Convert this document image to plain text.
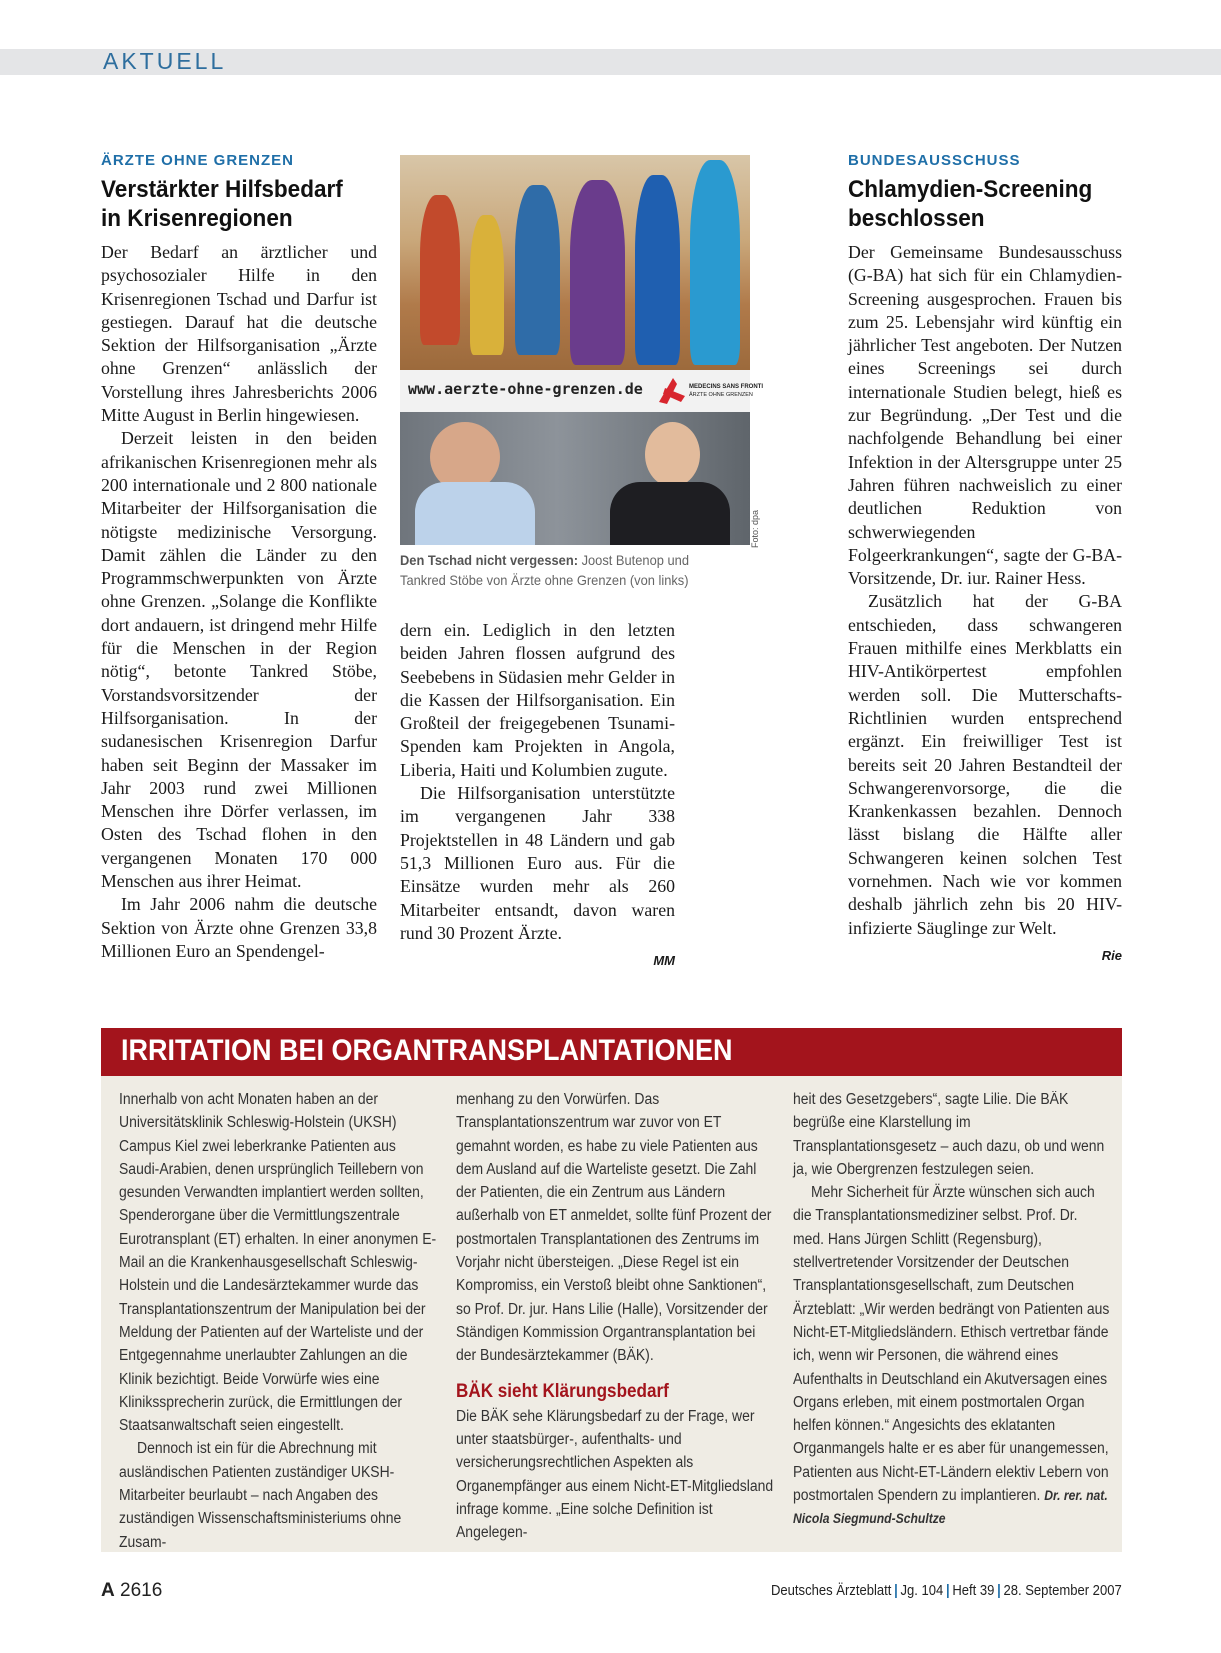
AKTUELL
ÄRZTE OHNE GRENZEN
Verstärkter Hilfsbedarf
in Krisenregionen

Der Bedarf an ärztlicher und psychosozialer Hilfe in den Krisenregionen Tschad und Darfur ist gestiegen. Darauf hat die deutsche Sektion der Hilfsorganisation „Ärzte ohne Grenzen“ anlässlich der Vorstellung ihres Jahresberichts 2006 Mitte August in Berlin hingewiesen.

Derzeit leisten in den beiden afrikanischen Krisenregionen mehr als 200 internationale und 2 800 nationale Mitarbeiter der Hilfsorganisation die nötigste medizinische Versorgung. Damit zählen die Länder zu den Programmschwerpunkten von Ärzte ohne Grenzen. „Solange die Konflikte dort andauern, ist dringend mehr Hilfe für die Menschen in der Region nötig“, betonte Tankred Stöbe, Vorstandsvorsitzender der Hilfsorganisation. In der sudanesischen Krisenregion Darfur haben seit Beginn der Massaker im Jahr 2003 rund zwei Millionen Menschen ihre Dörfer verlassen, im Osten des Tschad flohen in den vergangenen Monaten 170 000 Menschen aus ihrer Heimat.

Im Jahr 2006 nahm die deutsche Sektion von Ärzte ohne Grenzen 33,8 Millionen Euro an Spendengel-

www.aerzte-ohne-grenzen.de	MEDECINS SANS FRONTI
ÄRZTE OHNE GRENZEN
Foto: dpa
Den Tschad nicht vergessen: Joost Butenop und
Tankred Stöbe von Ärzte ohne Grenzen (von links)

dern ein. Lediglich in den letzten beiden Jahren flossen aufgrund des Seebebens in Südasien mehr Gelder in die Kassen der Hilfsorganisation. Ein Großteil der freigegebenen Tsunami-Spenden kam Projekten in Angola, Liberia, Haiti und Kolumbien zugute.

Die Hilfsorganisation unterstützte im vergangenen Jahr 338 Projektstellen in 48 Ländern und gab 51,3 Millionen Euro aus. Für die Einsätze wurden mehr als 260 Mitarbeiter entsandt, davon waren rund 30 Prozent Ärzte.

MM
BUNDESAUSSCHUSS
Chlamydien-Screening
beschlossen

Der Gemeinsame Bundesausschuss (G-BA) hat sich für ein Chlamydien-Screening ausgesprochen. Frauen bis zum 25. Lebensjahr wird künftig ein jährlicher Test angeboten. Der Nutzen eines Screenings sei durch internationale Studien belegt, hieß es zur Begründung. „Der Test und die nachfolgende Behandlung bei einer Infektion in der Altersgruppe unter 25 Jahren führen nachweislich zu einer deutlichen Reduktion von schwerwiegenden Folgeerkrankungen“, sagte der G-BA-Vorsitzende, Dr. iur. Rainer Hess.

Zusätzlich hat der G-BA entschieden, dass schwangeren Frauen mithilfe eines Merkblatts ein HIV-Antikörpertest empfohlen werden soll. Die Mutterschafts-Richtlinien wurden entsprechend ergänzt. Ein freiwilliger Test ist bereits seit 20 Jahren Bestandteil der Schwangerenvorsorge, die die Krankenkassen bezahlen. Dennoch lässt bislang die Hälfte aller Schwangeren keinen solchen Test vornehmen. Nach wie vor kommen deshalb jährlich zehn bis 20 HIV-infizierte Säuglinge zur Welt.

Rie
IRRITATION BEI ORGANTRANSPLANTATIONEN

Innerhalb von acht Monaten haben an der Universitätsklinik Schleswig-Holstein (UKSH) Campus Kiel zwei leberkranke Patienten aus Saudi-Arabien, denen ursprünglich Teillebern von gesunden Verwandten implantiert werden sollten, Spenderorgane über die Vermittlungszentrale Eurotransplant (ET) erhalten. In einer anonymen E-Mail an die Krankenhausgesellschaft Schleswig-Holstein und die Landesärztekammer wurde das Transplantationszentrum der Manipulation bei der Meldung der Patienten auf der Warteliste und der Entgegennahme unerlaubter Zahlungen an die Klinik bezichtigt. Beide Vorwürfe wies eine Klinikssprecherin zurück, die Ermittlungen der Staatsanwaltschaft seien eingestellt.

Dennoch ist ein für die Abrechnung mit ausländischen Patienten zuständiger UKSH-Mitarbeiter beurlaubt – nach Angaben des zuständigen Wissenschaftsministeriums ohne Zusam-

menhang zu den Vorwürfen. Das Transplantationszentrum war zuvor von ET gemahnt worden, es habe zu viele Patienten aus dem Ausland auf die Warteliste gesetzt. Die Zahl der Patienten, die ein Zentrum aus Ländern außerhalb von ET anmeldet, sollte fünf Prozent der postmortalen Transplantationen des Zentrums im Vorjahr nicht übersteigen. „Diese Regel ist ein Kompromiss, ein Verstoß bleibt ohne Sanktionen“, so Prof. Dr. jur. Hans Lilie (Halle), Vorsitzender der Ständigen Kommission Organtransplantation bei der Bundesärztekammer (BÄK).

BÄK sieht Klärungsbedarf

Die BÄK sehe Klärungsbedarf zu der Frage, wer unter staatsbürger-, aufenthalts- und versicherungsrechtlichen Aspekten als Organempfänger aus einem Nicht-ET-Mitgliedsland infrage komme. „Eine solche Definition ist Angelegen-

heit des Gesetzgebers“, sagte Lilie. Die BÄK begrüße eine Klarstellung im Transplantationsgesetz – auch dazu, ob und wenn ja, wie Obergrenzen festzulegen seien.

Mehr Sicherheit für Ärzte wünschen sich auch die Transplantationsmediziner selbst. Prof. Dr. med. Hans Jürgen Schlitt (Regensburg), stellvertretender Vorsitzender der Deutschen Transplantationsgesellschaft, zum Deutschen Ärzteblatt: „Wir werden bedrängt von Patienten aus Nicht-ET-Mitgliedsländern. Ethisch vertretbar fände ich, wenn wir Personen, die während eines Aufenthalts in Deutschland ein Akutversagen eines Organs erleben, mit einem postmortalen Organ helfen können.“ Angesichts des eklatanten Organmangels halte er es aber für unangemessen, Patienten aus Nicht-ET-Ländern elektiv Lebern von postmortalen Spendern zu implantieren. Dr. rer. nat. Nicola Siegmund-Schultze

A 2616	Deutsches Ärzteblatt | Jg. 104 | Heft 39 | 28. September 2007
